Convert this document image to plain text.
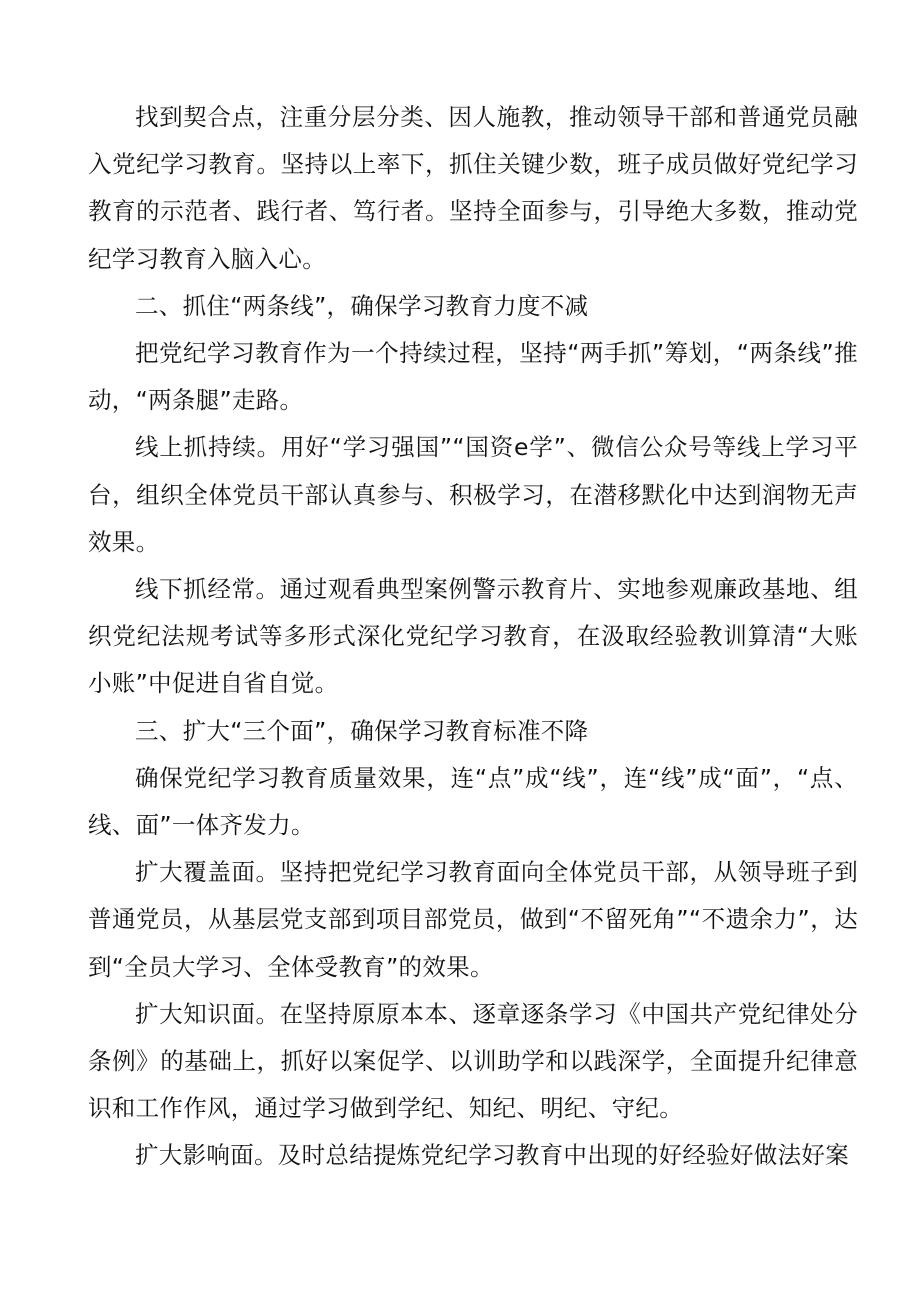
找到契合点，注重分层分类、因人施教，推动领导干部和普通党员融入党纪学习教育。坚持以上率下，抓住关键少数，班子成员做好党纪学习教育的示范者、践行者、笃行者。坚持全面参与，引导绝大多数，推动党纪学习教育入脑入心。

二、抓住“两条线”，确保学习教育力度不减

把党纪学习教育作为一个持续过程，坚持“两手抓”筹划，“两条线”推动，“两条腿”走路。

线上抓持续。用好“学习强国”“国资e学”、微信公众号等线上学习平台，组织全体党员干部认真参与、积极学习，在潜移默化中达到润物无声效果。

线下抓经常。通过观看典型案例警示教育片、实地参观廉政基地、组织党纪法规考试等多形式深化党纪学习教育，在汲取经验教训算清“大账小账”中促进自省自觉。

三、扩大“三个面”，确保学习教育标准不降

确保党纪学习教育质量效果，连“点”成“线”，连“线”成“面”，“点、线、面”一体齐发力。

扩大覆盖面。坚持把党纪学习教育面向全体党员干部，从领导班子到普通党员，从基层党支部到项目部党员，做到“不留死角”“不遗余力”，达到“全员大学习、全体受教育”的效果。

扩大知识面。在坚持原原本本、逐章逐条学习《中国共产党纪律处分条例》的基础上，抓好以案促学、以训助学和以践深学，全面提升纪律意识和工作作风，通过学习做到学纪、知纪、明纪、守纪。

扩大影响面。及时总结提炼党纪学习教育中出现的好经验好做法好案
